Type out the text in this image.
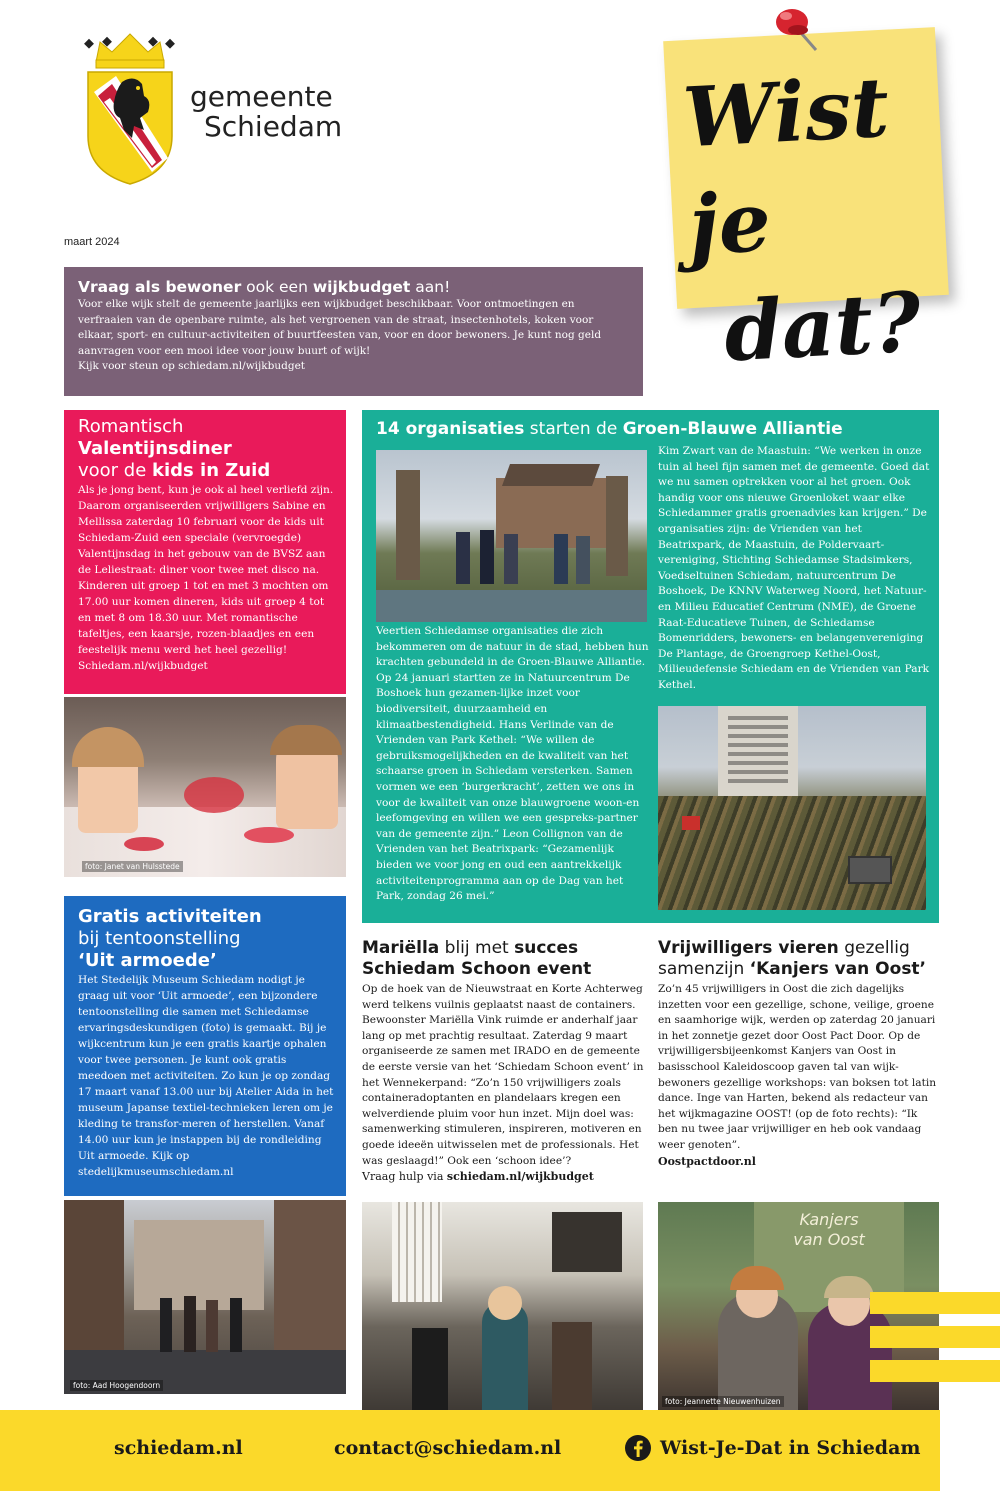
gemeente
Schiedam
maart 2024
Wist je
dat?
Vraag als bewoner ook een wijkbudget aan!
Voor elke wijk stelt de gemeente jaarlijks een wijkbudget beschikbaar. Voor ontmoetingen en verfraaien van de openbare ruimte, als het vergroenen van de straat, insectenhotels, koken voor elkaar, sport- en cultuur-activiteiten of buurtfeesten van, voor en door bewoners. Je kunt nog geld aanvragen voor een mooi idee voor jouw buurt of wijk!
Kijk voor steun op schiedam.nl/wijkbudget
Romantisch
Valentijnsdiner
voor de kids in Zuid
Als je jong bent, kun je ook al heel verliefd zijn. Daarom organiseerden vrijwilligers Sabine en Mellissa zaterdag 10 februari voor de kids uit Schiedam-Zuid een speciale (vervroegde) Valentijnsdag in het gebouw van de BVSZ aan de Leliestraat: diner voor twee met disco na. Kinderen uit groep 1 tot en met 3 mochten om 17.00 uur komen dineren, kids uit groep 4 tot en met 8 om 18.30 uur. Met romantische tafeltjes, een kaarsje, rozen-blaadjes en een feestelijk menu werd het heel gezellig! Schiedam.nl/wijkbudget
foto: Janet van Hulsstede
14 organisaties starten de Groen-Blauwe Alliantie
Veertien Schiedamse organisaties die zich bekommeren om de natuur in de stad, hebben hun krachten gebundeld in de Groen-Blauwe Alliantie. Op 24 januari startten ze in Natuurcentrum De Boshoek hun gezamen-lijke inzet voor biodiversiteit, duurzaamheid en klimaatbestendigheid. Hans Verlinde van de Vrienden van Park Kethel: “We willen de gebruiksmogelijkheden en de kwaliteit van het schaarse groen in Schiedam versterken. Samen vormen we een ‘burgerkracht’, zetten we ons in voor de kwaliteit van onze blauwgroene woon-en leefomgeving en willen we een gespreks-partner van de gemeente zijn.” Leon Collignon van de Vrienden van het Beatrixpark: “Gezamenlijk bieden we voor jong en oud een aantrekkelijk activiteitenprogramma aan op de Dag van het Park, zondag 26 mei.”
Kim Zwart van de Maastuin: “We werken in onze tuin al heel fijn samen met de gemeente. Goed dat we nu samen optrekken voor al het groen. Ook handig voor ons nieuwe Groenloket waar elke Schiedammer gratis groenadvies kan krijgen.” De organisaties zijn: de Vrienden van het Beatrixpark, de Maastuin, de Poldervaart-vereniging, Stichting Schiedamse Stadsimkers, Voedseltuinen Schiedam, natuurcentrum De Boshoek, De KNNV Waterweg Noord, het Natuur- en Milieu Educatief Centrum (NME), de Groene Raat-Educatieve Tuinen, de Schiedamse Bomenridders, bewoners- en belangenvereniging De Plantage, de Groengroep Kethel-Oost, Milieudefensie Schiedam en de Vrienden van Park Kethel.
Gratis activiteiten
bij tentoonstelling
‘Uit armoede’
Het Stedelijk Museum Schiedam nodigt je graag uit voor ‘Uit armoede’, een bijzondere tentoonstelling die samen met Schiedamse ervaringsdeskundigen (foto) is gemaakt. Bij je wijkcentrum kun je een gratis kaartje ophalen voor twee personen. Je kunt ook gratis meedoen met activiteiten. Zo kun je op zondag 17 maart vanaf 13.00 uur bij Atelier Aida in het museum Japanse textiel-technieken leren om je kleding te transfor-meren of herstellen. Vanaf 14.00 uur kun je instappen bij de rondleiding Uit armoede. Kijk op stedelijkmuseumschiedam.nl
foto: Aad Hoogendoorn
Mariëlla blij met succes
Schiedam Schoon event
Op de hoek van de Nieuwstraat en Korte Achterweg werd telkens vuilnis geplaatst naast de containers. Bewoonster Mariëlla Vink ruimde er anderhalf jaar lang op met prachtig resultaat. Zaterdag 9 maart organiseerde ze samen met IRADO en de gemeente de eerste versie van het ‘Schiedam Schoon event’ in het Wennekerpand: “Zo’n 150 vrijwilligers zoals containeradoptanten en plandelaars kregen een welverdiende pluim voor hun inzet. Mijn doel was: samenwerking stimuleren, inspireren, motiveren en goede ideeën uitwisselen met de professionals. Het was geslaagd!” Ook een ‘schoon idee’?
Vraag hulp via schiedam.nl/wijkbudget
Vrijwilligers vieren gezellig
samenzijn ‘Kanjers van Oost’
Zo’n 45 vrijwilligers in Oost die zich dagelijks inzetten voor een gezellige, schone, veilige, groene en saamhorige wijk, werden op zaterdag 20 januari in het zonnetje gezet door Oost Pact Door. Op de vrijwilligersbijeenkomst Kanjers van Oost in basisschool Kaleidoscoop gaven tal van wijk-bewoners gezellige workshops: van boksen tot latin dance. Inge van Harten, bekend als redacteur van het wijkmagazine OOST! (op de foto rechts): “Ik ben nu twee jaar vrijwilliger en heb ook vandaag weer genoten”.
Oostpactdoor.nl
Kanjers
van Oost
foto: Jeannette Nieuwenhuizen
schiedam.nl	contact@schiedam.nl	Wist-Je-Dat in Schiedam
